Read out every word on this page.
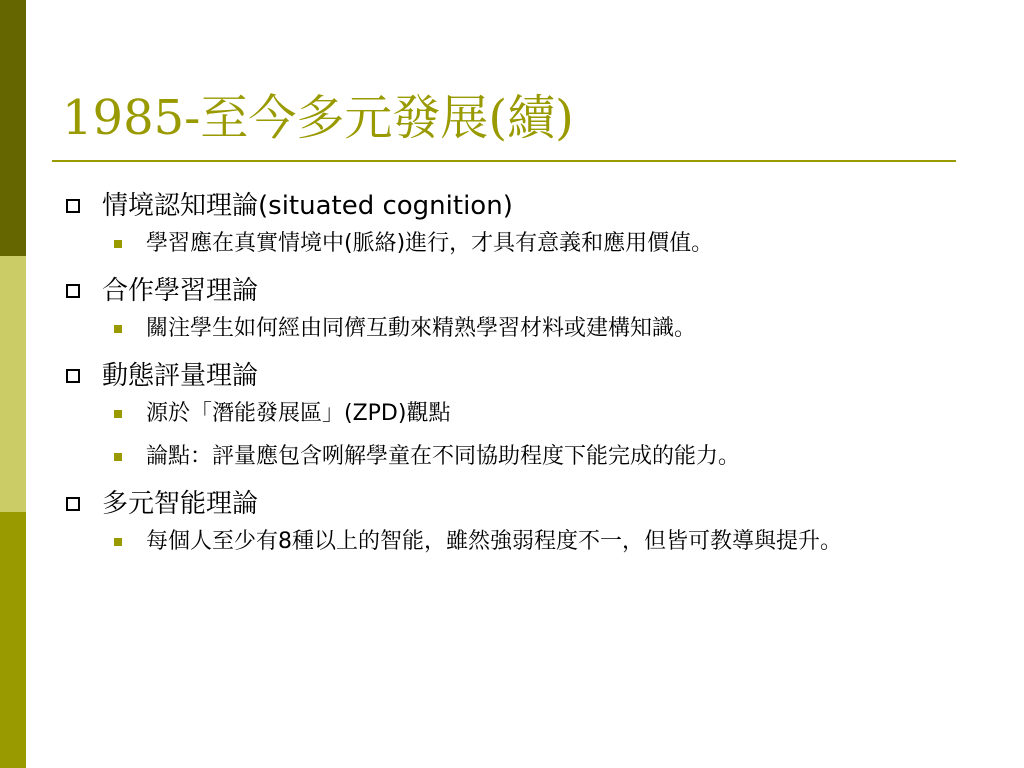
1985-至今多元發展(續)
情境認知理論(situated cognition)
學習應在真實情境中(脈絡)進行，才具有意義和應用價值。
合作學習理論
關注學生如何經由同儕互動來精熟學習材料或建構知識。
動態評量理論
源於「潛能發展區」(ZPD)觀點
論點：評量應包含咧解學童在不同協助程度下能完成的能力。
多元智能理論
每個人至少有8種以上的智能，雖然強弱程度不一，但皆可教導與提升。
